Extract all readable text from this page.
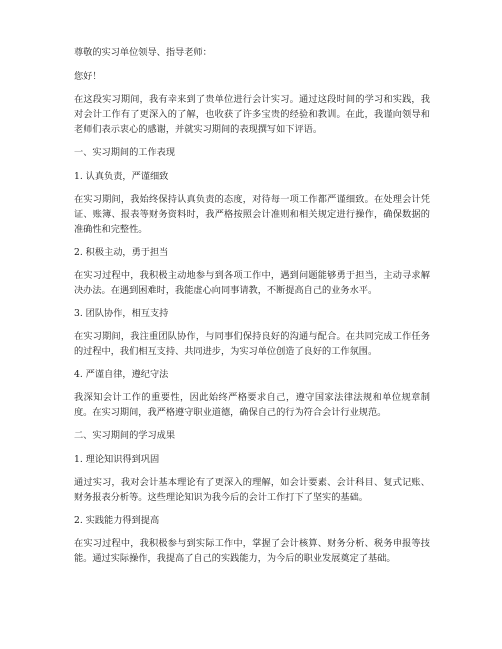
尊敬的实习单位领导、指导老师：

您好！

在这段实习期间，我有幸来到了贵单位进行会计实习。通过这段时间的学习和实践，我对会计工作有了更深入的了解，也收获了许多宝贵的经验和教训。在此，我谨向领导和老师们表示衷心的感谢，并就实习期间的表现撰写如下评语。

一、实习期间的工作表现

1. 认真负责，严谨细致

在实习期间，我始终保持认真负责的态度，对待每一项工作都严谨细致。在处理会计凭证、账簿、报表等财务资料时，我严格按照会计准则和相关规定进行操作，确保数据的准确性和完整性。

2. 积极主动，勇于担当

在实习过程中，我积极主动地参与到各项工作中，遇到问题能够勇于担当，主动寻求解决办法。在遇到困难时，我能虚心向同事请教，不断提高自己的业务水平。

3. 团队协作，相互支持

在实习期间，我注重团队协作，与同事们保持良好的沟通与配合。在共同完成工作任务的过程中，我们相互支持、共同进步，为实习单位创造了良好的工作氛围。

4. 严谨自律，遵纪守法

我深知会计工作的重要性，因此始终严格要求自己，遵守国家法律法规和单位规章制度。在实习期间，我严格遵守职业道德，确保自己的行为符合会计行业规范。

二、实习期间的学习成果

1. 理论知识得到巩固

通过实习，我对会计基本理论有了更深入的理解，如会计要素、会计科目、复式记账、财务报表分析等。这些理论知识为我今后的会计工作打下了坚实的基础。

2. 实践能力得到提高

在实习过程中，我积极参与到实际工作中，掌握了会计核算、财务分析、税务申报等技能。通过实际操作，我提高了自己的实践能力，为今后的职业发展奠定了基础。
